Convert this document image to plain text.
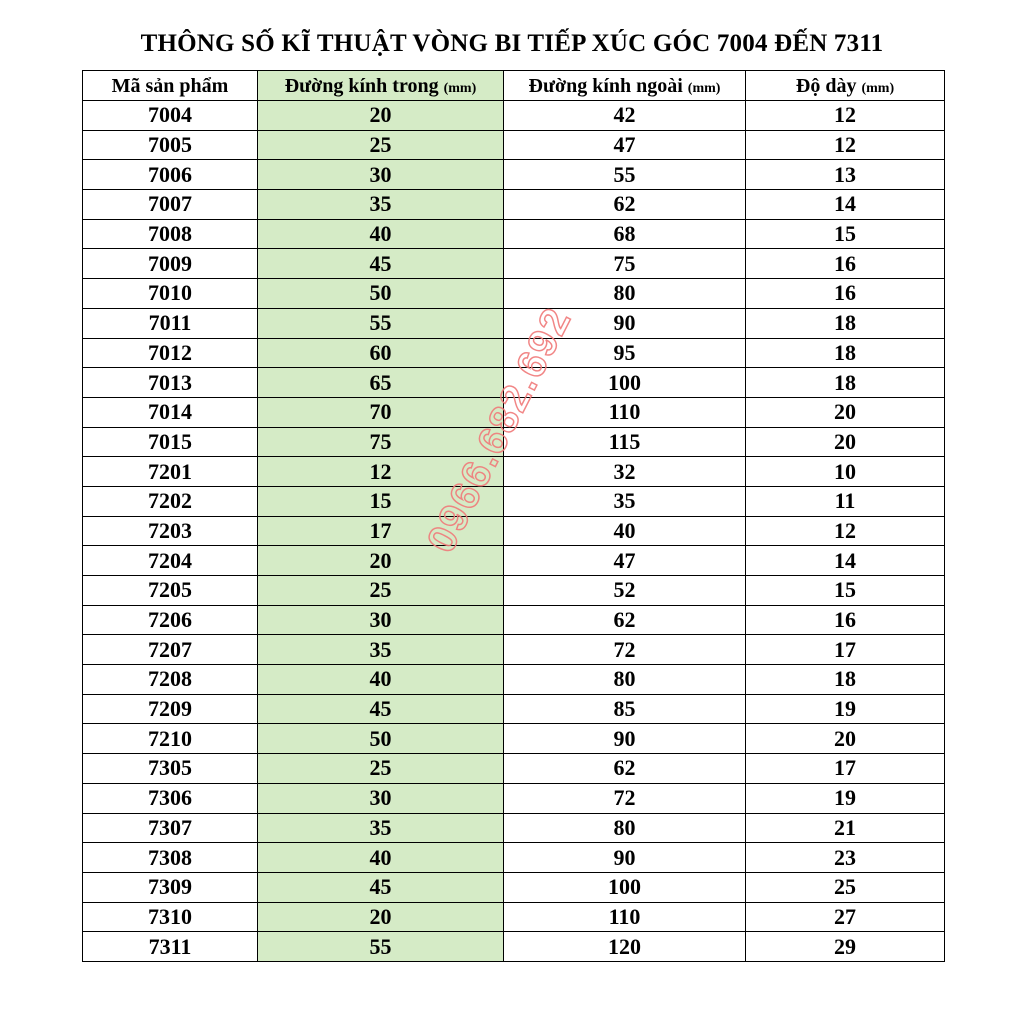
THÔNG SỐ KĨ THUẬT VÒNG BI TIẾP XÚC GÓC 7004 ĐẾN 7311
Mã sản phẩm	Đường kính trong (mm)	Đường kính ngoài (mm)	Độ dày (mm)
7004	20	42	12
7005	25	47	12
7006	30	55	13
7007	35	62	14
7008	40	68	15
7009	45	75	16
7010	50	80	16
7011	55	90	18
7012	60	95	18
7013	65	100	18
7014	70	110	20
7015	75	115	20
7201	12	32	10
7202	15	35	11
7203	17	40	12
7204	20	47	14
7205	25	52	15
7206	30	62	16
7207	35	72	17
7208	40	80	18
7209	45	85	19
7210	50	90	20
7305	25	62	17
7306	30	72	19
7307	35	80	21
7308	40	90	23
7309	45	100	25
7310	20	110	27
7311	55	120	29
